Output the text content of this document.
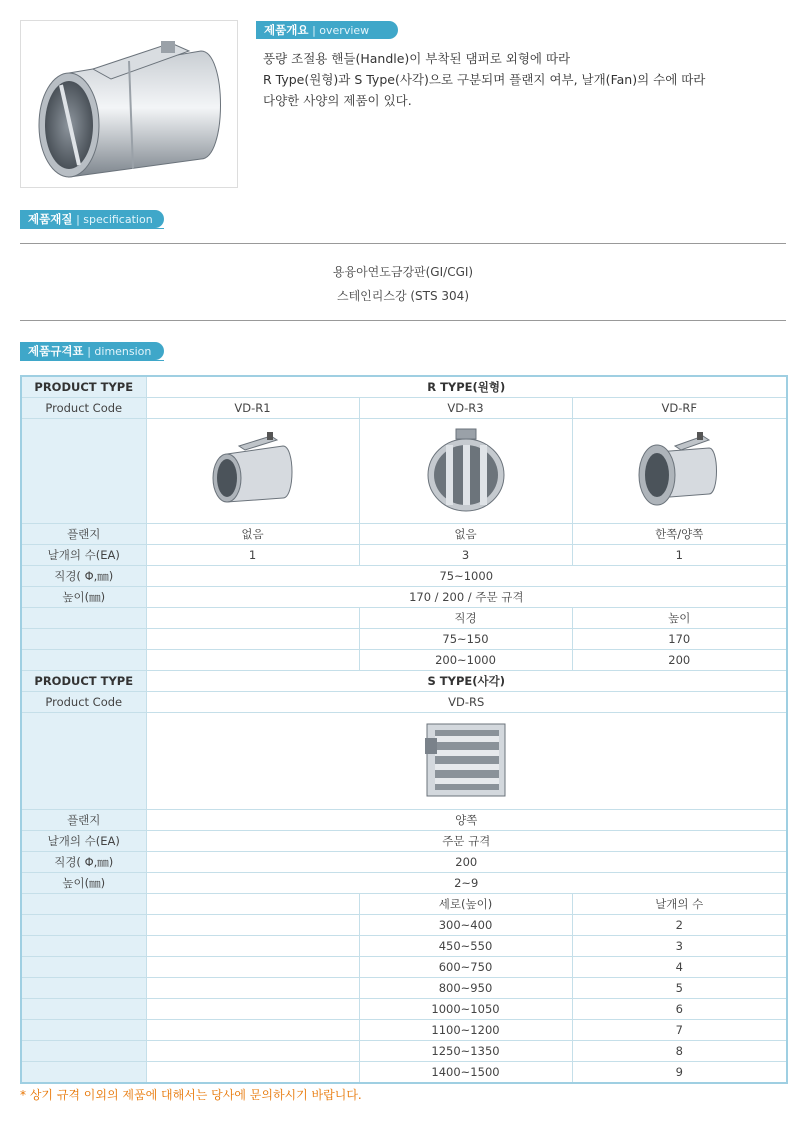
제품개요 | overview
풍량 조절용 핸들(Handle)이 부착된 댐퍼로 외형에 따라
R Type(원형)과 S Type(사각)으로 구분되며 플랜지 여부, 날개(Fan)의 수에 따라
다양한 사양의 제품이 있다.
제품재질 | specification
용융아연도금강판(GI/CGI)
스테인리스강 (STS 304)
제품규격표 | dimension
PRODUCT TYPE	R TYPE(원형)		
Product Code	VD-R1	VD-R3	VD-RF

플랜지	없음	없음	한쪽/양쪽
날개의 수(EA)	1	3	1
직경( Φ,㎜)	75~1000		
높이(㎜)	170 / 200 / 주문 규격		
		직경	높이
		75~150	170
		200~1000	200
PRODUCT TYPE	S TYPE(사각)		
Product Code	VD-RS		

플랜지	양쪽		
날개의 수(EA)	주문 규격		
직경( Φ,㎜)	200		
높이(㎜)	2~9		
		세로(높이)	날개의 수
		300~400	2
		450~550	3
		600~750	4
		800~950	5
		1000~1050	6
		1100~1200	7
		1250~1350	8
		1400~1500	9
* 상기 규격 이외의 제품에 대해서는 당사에 문의하시기 바랍니다.
